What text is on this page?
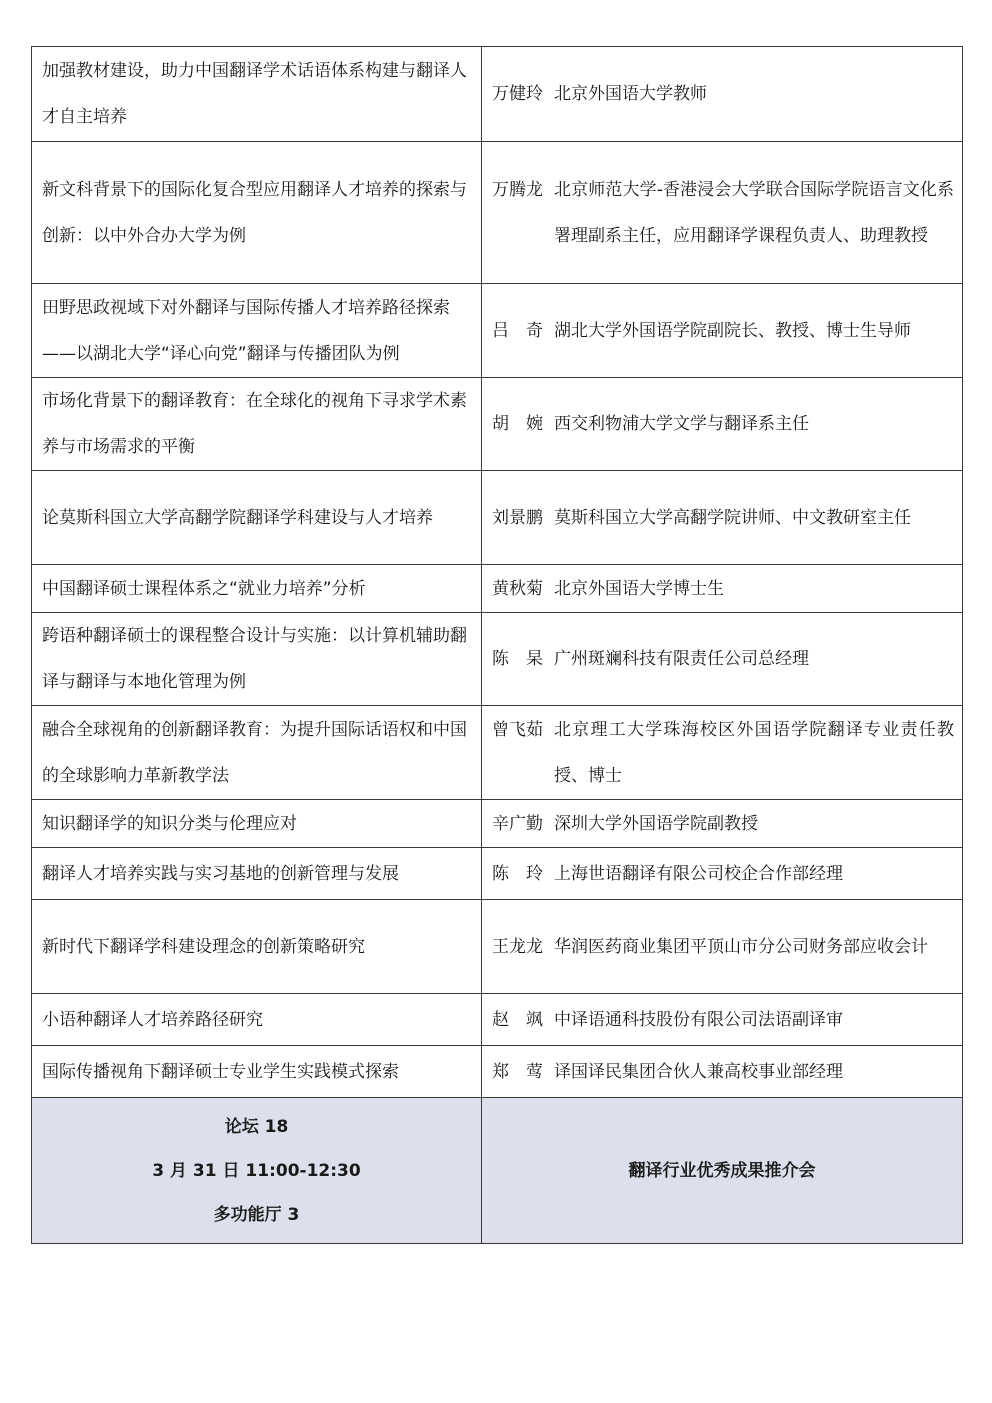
加强教材建设，助力中国翻译学术话语体系构建与翻译人才自主培养	万健玲 北京外国语大学教师

新文科背景下的国际化复合型应用翻译人才培养的探索与创新：以中外合办大学为例	万腾龙 北京师范大学-香港浸会大学联合国际学院语言文化系署理副系主任，应用翻译学课程负责人、助理教授

田野思政视域下对外翻译与国际传播人才培养路径探索——以湖北大学“译心向党”翻译与传播团队为例	吕　奇 湖北大学外国语学院副院长、教授、博士生导师

市场化背景下的翻译教育：在全球化的视角下寻求学术素养与市场需求的平衡	胡　婉 西交利物浦大学文学与翻译系主任

论莫斯科国立大学高翻学院翻译学科建设与人才培养	刘景鹏 莫斯科国立大学高翻学院讲师、中文教研室主任

中国翻译硕士课程体系之“就业力培养”分析	黄秋菊 北京外国语大学博士生

跨语种翻译硕士的课程整合设计与实施：以计算机辅助翻译与翻译与本地化管理为例	陈　杲 广州斑斓科技有限责任公司总经理

融合全球视角的创新翻译教育：为提升国际话语权和中国的全球影响力革新教学法	曾飞茹 北京理工大学珠海校区外国语学院翻译专业责任教授、博士

知识翻译学的知识分类与伦理应对	辛广勤 深圳大学外国语学院副教授

翻译人才培养实践与实习基地的创新管理与发展	陈　玲 上海世语翻译有限公司校企合作部经理

新时代下翻译学科建设理念的创新策略研究	王龙龙 华润医药商业集团平顶山市分公司财务部应收会计

小语种翻译人才培养路径研究	赵　飒 中译语通科技股份有限公司法语副译审

国际传播视角下翻译硕士专业学生实践模式探索	郑　莺 译国译民集团合伙人兼高校事业部经理

论坛 18
3 月 31 日 11:00-12:30
多功能厅 3	翻译行业优秀成果推介会
